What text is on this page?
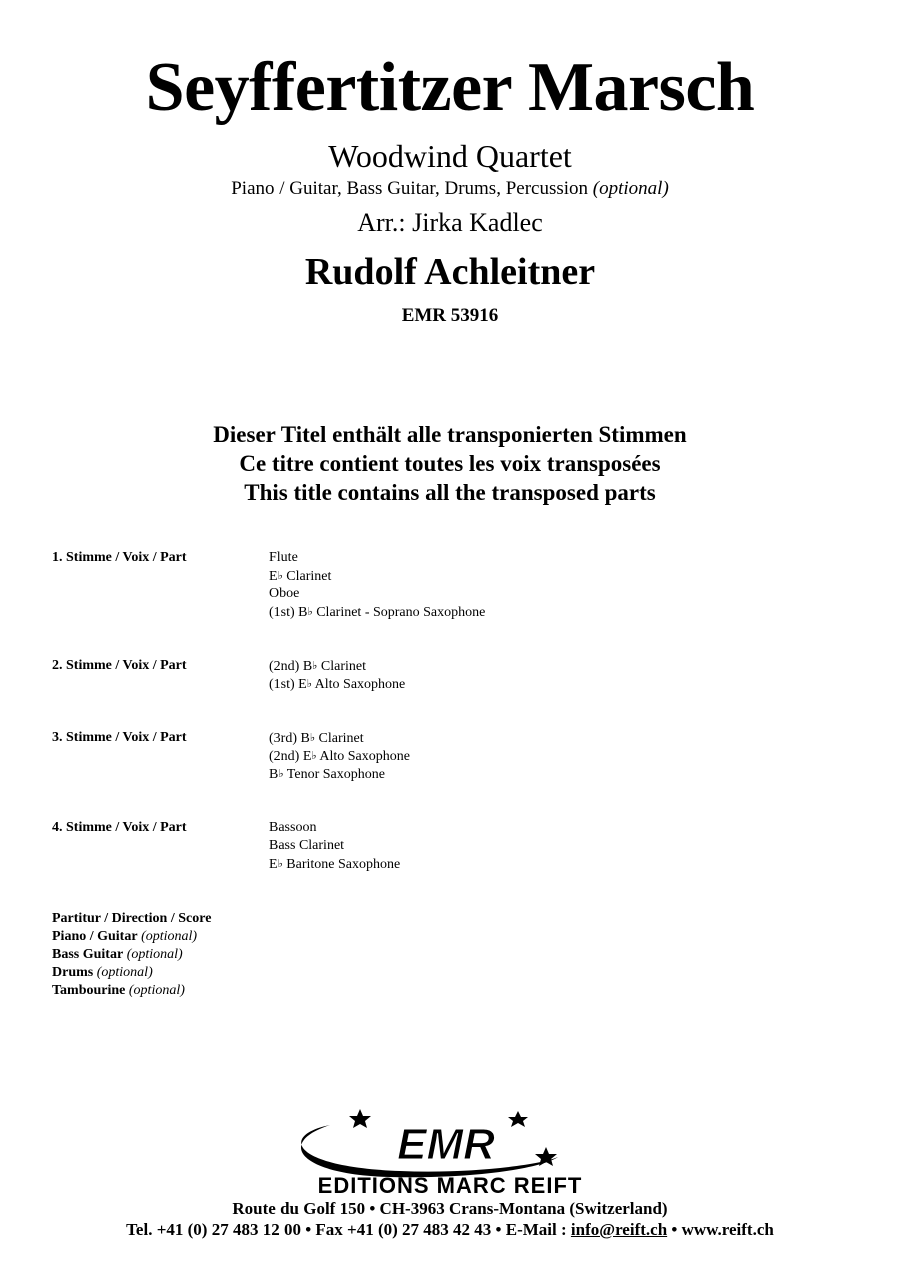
Seyffertitzer Marsch
Woodwind Quartet
Piano / Guitar, Bass Guitar, Drums, Percussion (optional)
Arr.: Jirka Kadlec
Rudolf Achleitner
EMR 53916
Dieser Titel enthält alle transponierten Stimmen
Ce titre contient toutes les voix transposées
This title contains all the transposed parts
1. Stimme / Voix / Part	Flute
E♭ Clarinet
Oboe
(1st) B♭ Clarinet - Soprano Saxophone
2. Stimme / Voix / Part	(2nd) B♭ Clarinet
(1st) E♭ Alto Saxophone
3. Stimme / Voix / Part	(3rd) B♭ Clarinet
(2nd) E♭ Alto Saxophone
B♭ Tenor Saxophone
4. Stimme / Voix / Part	Bassoon
Bass Clarinet
E♭ Baritone Saxophone
Partitur / Direction / Score
Piano / Guitar (optional)
Bass Guitar (optional)
Drums (optional)
Tambourine (optional)
EMR
EDITIONS MARC REIFT
Route du Golf 150 • CH-3963 Crans-Montana (Switzerland)
Tel. +41 (0) 27 483 12 00 • Fax +41 (0) 27 483 42 43 • E-Mail : info@reift.ch • www.reift.ch
